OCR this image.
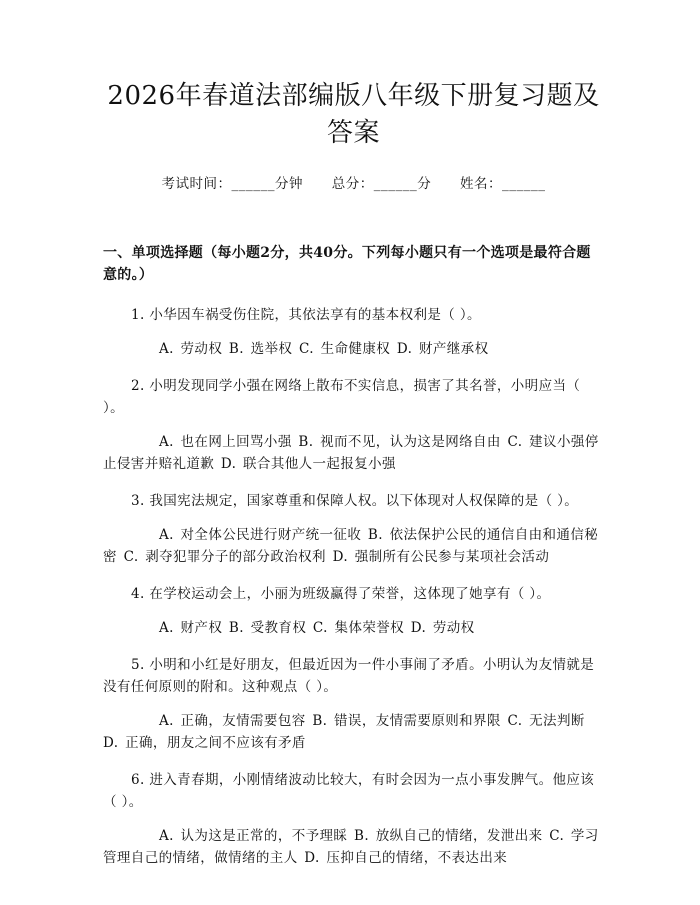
2026年春道法部编版八年级下册复习题及答案
考试时间：______分钟      总分：______分      姓名：______
一、单项选择题（每小题2分，共40分。下列每小题只有一个选项是最符合题意的。）
1. 小华因车祸受伤住院，其依法享有的基本权利是（ ）。
A. 劳动权 B. 选举权 C. 生命健康权 D. 财产继承权
2. 小明发现同学小强在网络上散布不实信息，损害了其名誉，小明应当（ ）。
A. 也在网上回骂小强 B. 视而不见，认为这是网络自由 C. 建议小强停止侵害并赔礼道歉 D. 联合其他人一起报复小强
3. 我国宪法规定，国家尊重和保障人权。以下体现对人权保障的是（ ）。
A. 对全体公民进行财产统一征收 B. 依法保护公民的通信自由和通信秘密 C. 剥夺犯罪分子的部分政治权利 D. 强制所有公民参与某项社会活动
4. 在学校运动会上，小丽为班级赢得了荣誉，这体现了她享有（ ）。
A. 财产权 B. 受教育权 C. 集体荣誉权 D. 劳动权
5. 小明和小红是好朋友，但最近因为一件小事闹了矛盾。小明认为友情就是没有任何原则的附和。这种观点（ ）。
A. 正确，友情需要包容 B. 错误，友情需要原则和界限 C. 无法判断 D. 正确，朋友之间不应该有矛盾
6. 进入青春期，小刚情绪波动比较大，有时会因为一点小事发脾气。他应该（ ）。
A. 认为这是正常的，不予理睬 B. 放纵自己的情绪，发泄出来 C. 学习管理自己的情绪，做情绪的主人 D. 压抑自己的情绪，不表达出来
